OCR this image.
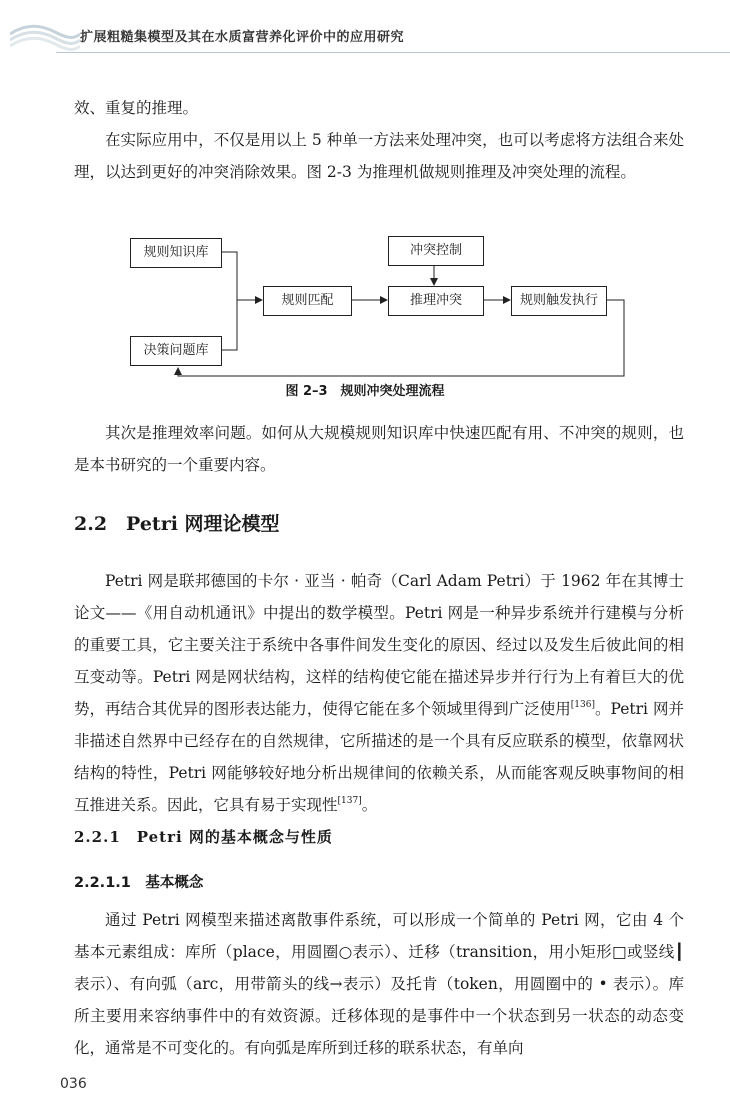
扩展粗糙集模型及其在水质富营养化评价中的应用研究

效、重复的推理。

在实际应用中，不仅是用以上 5 种单一方法来处理冲突，也可以考虑将方法组合来处理，以达到更好的冲突消除效果。图 2-3 为推理机做规则推理及冲突处理的流程。

规则知识库
决策问题库
规则匹配
冲突控制
推理冲突	规则触发执行
图 2–3　规则冲突处理流程

其次是推理效率问题。如何从大规模规则知识库中快速匹配有用、不冲突的规则，也是本书研究的一个重要内容。

2.2　Petri 网理论模型

Petri 网是联邦德国的卡尔 · 亚当 · 帕奇（Carl Adam Petri）于 1962 年在其博士论文——《用自动机通讯》中提出的数学模型。Petri 网是一种异步系统并行建模与分析的重要工具，它主要关注于系统中各事件间发生变化的原因、经过以及发生后彼此间的相互变动等。Petri 网是网状结构，这样的结构使它能在描述异步并行行为上有着巨大的优势，再结合其优异的图形表达能力，使得它能在多个领域里得到广泛使用[136]。Petri 网并非描述自然界中已经存在的自然规律，它所描述的是一个具有反应联系的模型，依靠网状结构的特性，Petri 网能够较好地分析出规律间的依赖关系，从而能客观反映事物间的相互推进关系。因此，它具有易于实现性[137]。

2.2.1　Petri 网的基本概念与性质
2.2.1.1　基本概念

通过 Petri 网模型来描述离散事件系统，可以形成一个简单的 Petri 网，它由 4 个基本元素组成：库所（place，用圆圈○表示）、迁移（transition，用小矩形□或竖线┃表示）、有向弧（arc，用带箭头的线→表示）及托肯（token，用圆圈中的 • 表示）。库所主要用来容纳事件中的有效资源。迁移体现的是事件中一个状态到另一状态的动态变化，通常是不可变化的。有向弧是库所到迁移的联系状态，有单向

036
